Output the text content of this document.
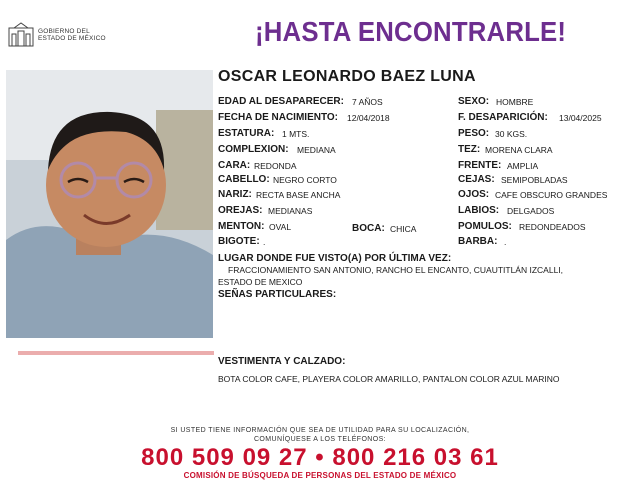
GOBIERNO DEL
ESTADO DE MÉXICO	¡HASTA ENCONTRARLE!
OSCAR LEONARDO BAEZ LUNA
EDAD AL DESAPARECER: 7 AÑOS
FECHA DE NACIMIENTO: 12/04/2018
ESTATURA: 1 MTS.
COMPLEXION: MEDIANA
CARA: REDONDA
CABELLO: NEGRO CORTO
NARIZ: RECTA BASE ANCHA
OREJAS: MEDIANAS
MENTON: OVAL	BOCA: CHICA
BIGOTE: .
SEXO: HOMBRE
F. DESAPARICIÓN: 13/04/2025
PESO: 30 KGS.
TEZ: MORENA CLARA
FRENTE: AMPLIA
CEJAS: SEMIPOBLADAS
OJOS: CAFE OBSCURO GRANDES
LABIOS: DELGADOS
POMULOS: REDONDEADOS
BARBA: .
LUGAR DONDE FUE VISTO(A) POR ÚLTIMA VEZ:
FRACCIONAMIENTO SAN ANTONIO, RANCHO EL ENCANTO, CUAUTITLÁN IZCALLI,
ESTADO DE MEXICO
SEÑAS PARTICULARES:
VESTIMENTA Y CALZADO:
BOTA COLOR CAFE, PLAYERA COLOR AMARILLO, PANTALON COLOR AZUL MARINO
SI USTED TIENE INFORMACIÓN QUE SEA DE UTILIDAD PARA SU LOCALIZACIÓN,
COMUNÍQUESE A LOS TELÉFONOS:
800 509 09 27 • 800 216 03 61
COMISIÓN DE BÚSQUEDA DE PERSONAS DEL ESTADO DE MÉXICO
